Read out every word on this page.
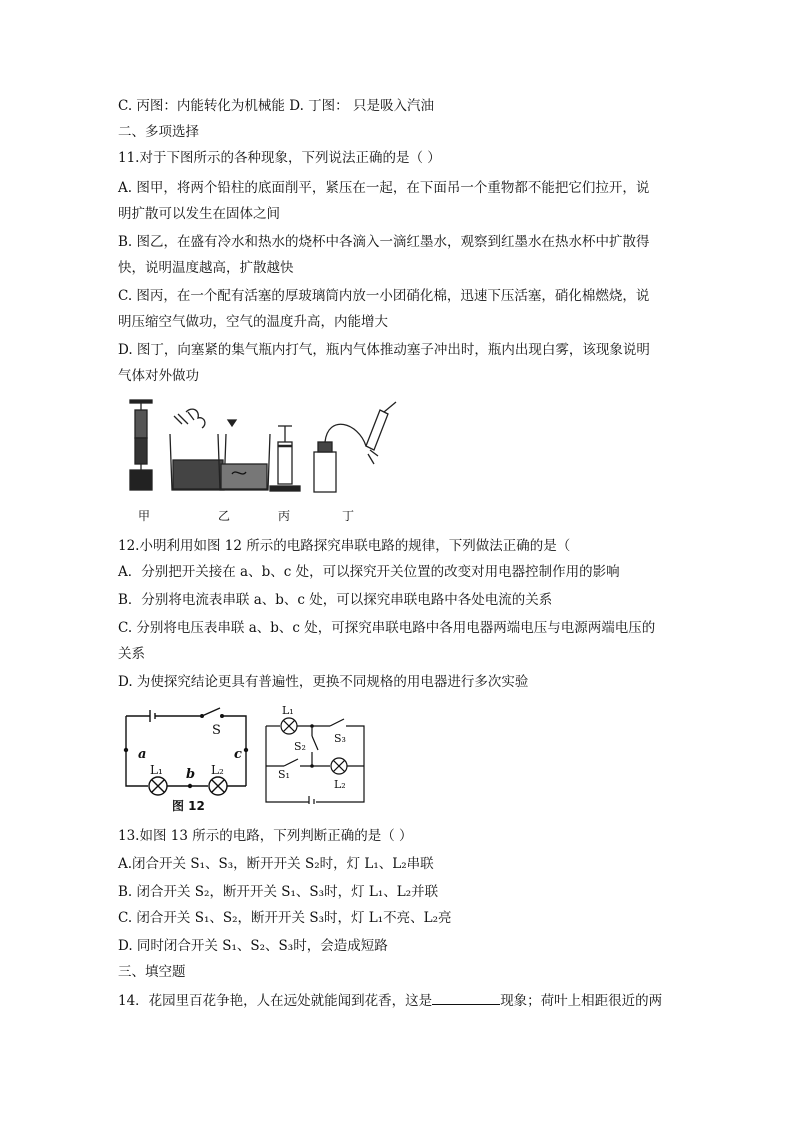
C. 丙图：内能转化为机械能 D. 丁图： 只是吸入汽油
二、多项选择
11.对于下图所示的各种现象，下列说法正确的是（ ）
A. 图甲，将两个铅柱的底面削平，紧压在一起，在下面吊一个重物都不能把它们拉开，说
明扩散可以发生在固体之间
B. 图乙，在盛有冷水和热水的烧杯中各滴入一滴红墨水，观察到红墨水在热水杯中扩散得
快，说明温度越高，扩散越快
C. 图丙，在一个配有活塞的厚玻璃筒内放一小团硝化棉，迅速下压活塞，硝化棉燃烧，说
明压缩空气做功，空气的温度升高，内能增大
D. 图丁，向塞紧的集气瓶内打气，瓶内气体推动塞子冲出时，瓶内出现白雾，该现象说明
气体对外做功
甲	乙	丙	丁
12.小明利用如图 12 所示的电路探究串联电路的规律，下列做法正确的是（
A．分别把开关接在 a、b、c 处，可以探究开关位置的改变对用电器控制作用的影响
B．分别将电流表串联 a、b、c 处，可以探究串联电路中各处电流的关系
C. 分别将电压表串联 a、b、c 处，可探究串联电路中各用电器两端电压与电源两端电压的
关系
D. 为使探究结论更具有普遍性，更换不同规格的用电器进行多次实验
S
a
b
c
L₁	L₂
图 12
L₁
S₃
S₂
S₁
L₂
13.如图 13 所示的电路，下列判断正确的是（ ）
A.闭合开关 S₁、S₃，断开开关 S₂时，灯 L₁、L₂串联
B. 闭合开关 S₂，断开开关 S₁、S₃时，灯 L₁、L₂并联
C. 闭合开关 S₁、S₂，断开开关 S₃时，灯 L₁不亮、L₂亮
D. 同时闭合开关 S₁、S₂、S₃时，会造成短路
三、填空题
14．花园里百花争艳，人在远处就能闻到花香，这是	现象；荷叶上相距很近的两
